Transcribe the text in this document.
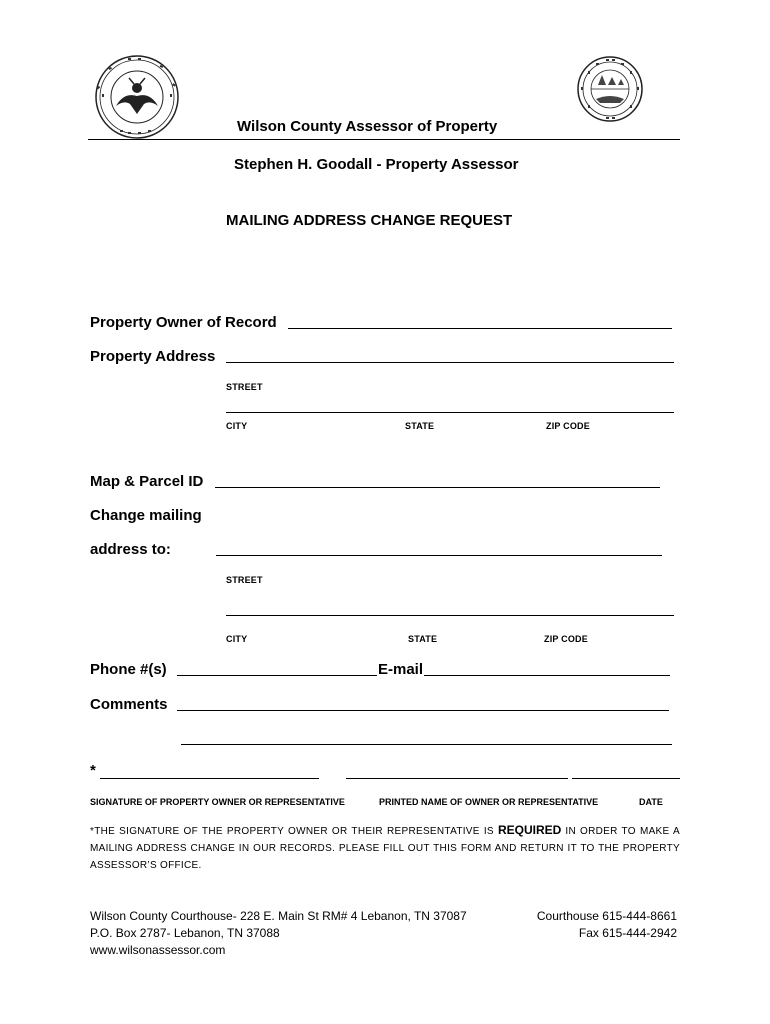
Wilson County Assessor of Property
Stephen H. Goodall - Property Assessor
MAILING ADDRESS CHANGE REQUEST
Property Owner of Record
Property Address
STREET
CITY	STATE	ZIP CODE
Map & Parcel ID
Change mailing
address to:
STREET
CITY	STATE	ZIP CODE
Phone #(s)	E-mail
Comments
*
SIGNATURE OF PROPERTY OWNER OR REPRESENTATIVE	PRINTED NAME OF OWNER OR REPRESENTATIVE	DATE
*THE SIGNATURE OF THE PROPERTY OWNER OR THEIR REPRESENTATIVE IS REQUIRED IN ORDER TO MAKE A MAILING ADDRESS CHANGE IN OUR RECORDS. PLEASE FILL OUT THIS FORM AND RETURN IT TO THE PROPERTY ASSESSOR’S OFFICE.
Wilson County Courthouse- 228 E. Main St RM# 4 Lebanon, TN 37087
P.O. Box 2787- Lebanon, TN 37088
www.wilsonassessor.com
Courthouse 615-444-8661
Fax 615-444-2942
